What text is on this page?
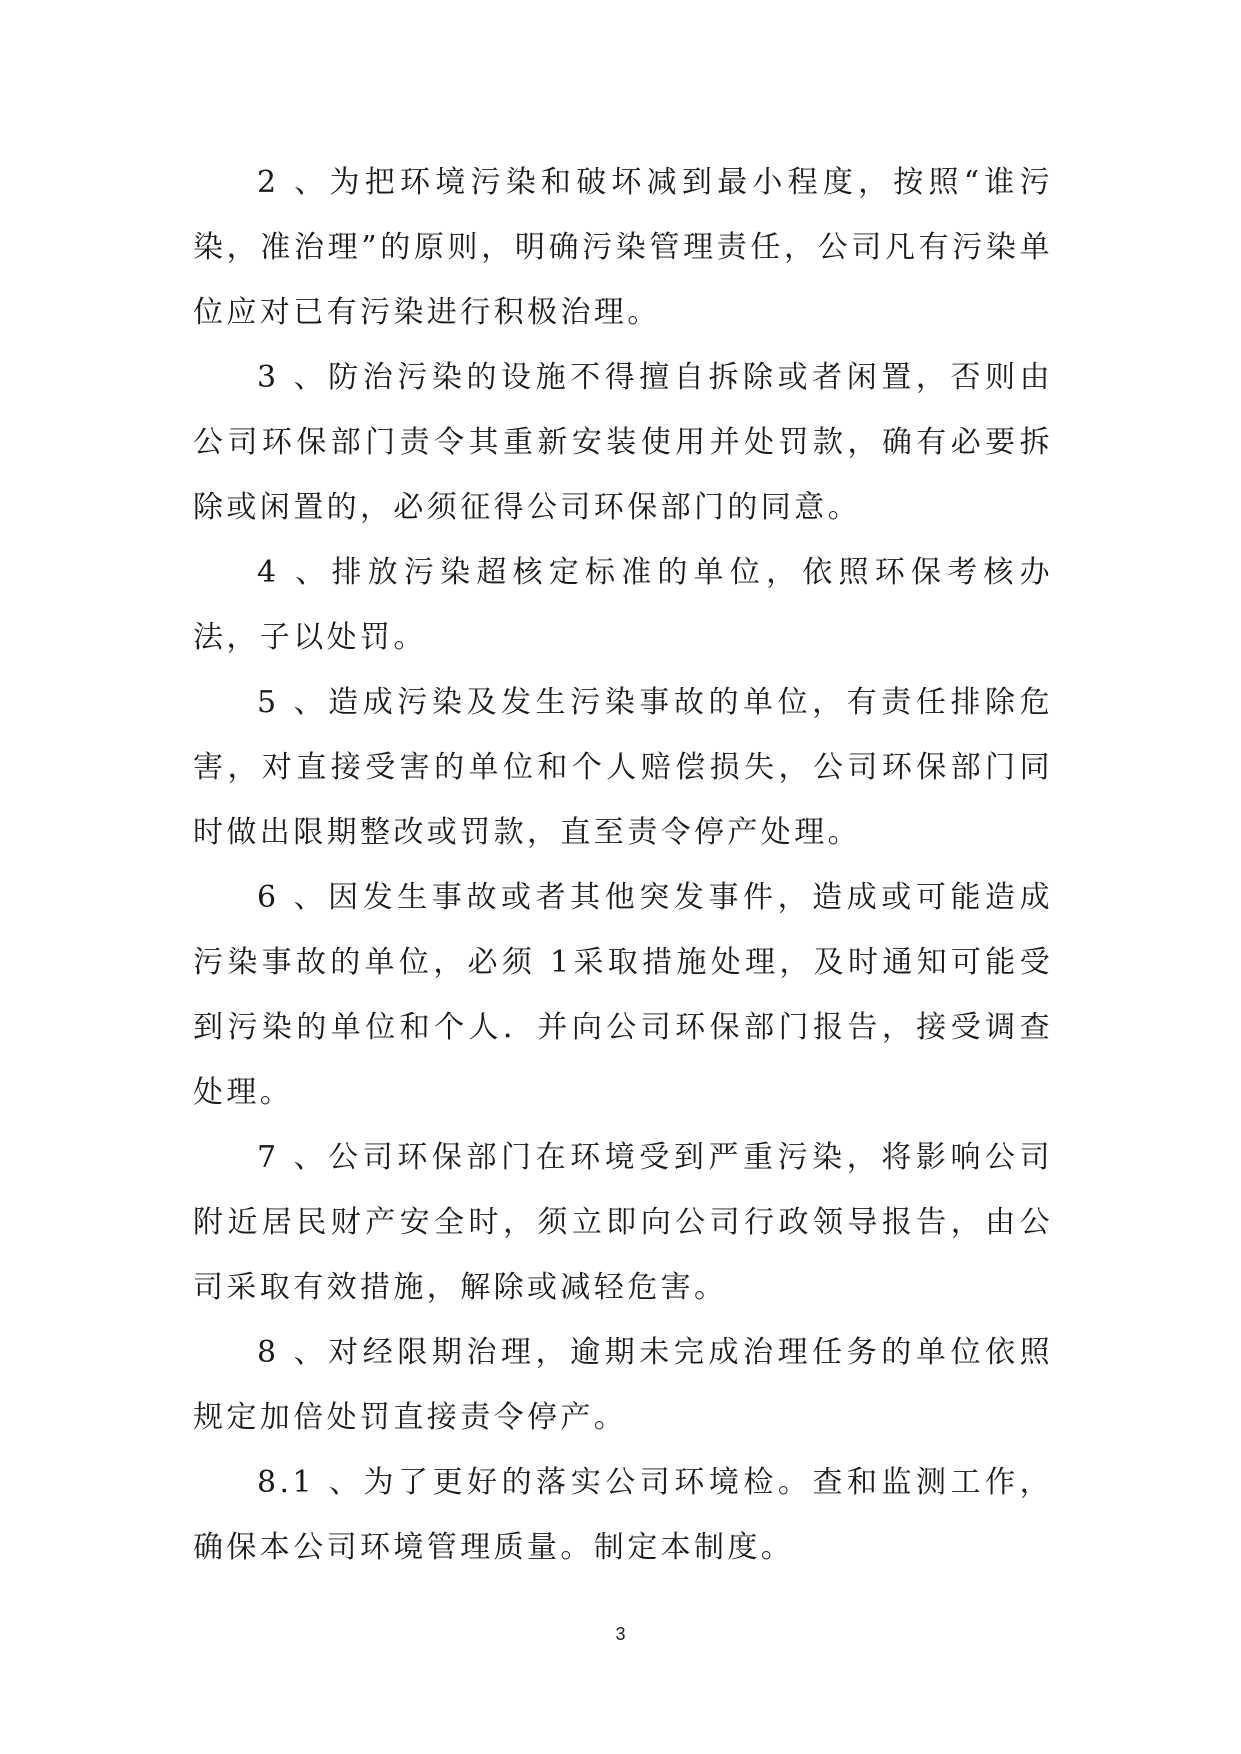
2 、为把环境污染和破坏减到最小程度，按照“谁污染，准治理”的原则，明确污染管理责任，公司凡有污染单位应对已有污染进行积极治理。

3 、防治污染的设施不得擅自拆除或者闲置，否则由公司环保部门责令其重新安装使用并处罚款，确有必要拆除或闲置的，必须征得公司环保部门的同意。

4 、排放污染超核定标准的单位，依照环保考核办法，子以处罚。

5 、造成污染及发生污染事故的单位，有责任排除危害，对直接受害的单位和个人赔偿损失，公司环保部门同时做出限期整改或罚款，直至责令停产处理。

6 、因发生事故或者其他突发事件，造成或可能造成污染事故的单位，必须 1采取措施处理，及时通知可能受到污染的单位和个人．并向公司环保部门报告，接受调查处理。

7 、公司环保部门在环境受到严重污染，将影响公司附近居民财产安全时，须立即向公司行政领导报告，由公司采取有效措施，解除或减轻危害。

8 、对经限期治理，逾期未完成治理任务的单位依照规定加倍处罚直接责令停产。

8.1 、为了更好的落实公司环境检。查和监测工作，确保本公司环境管理质量。制定本制度。

3
